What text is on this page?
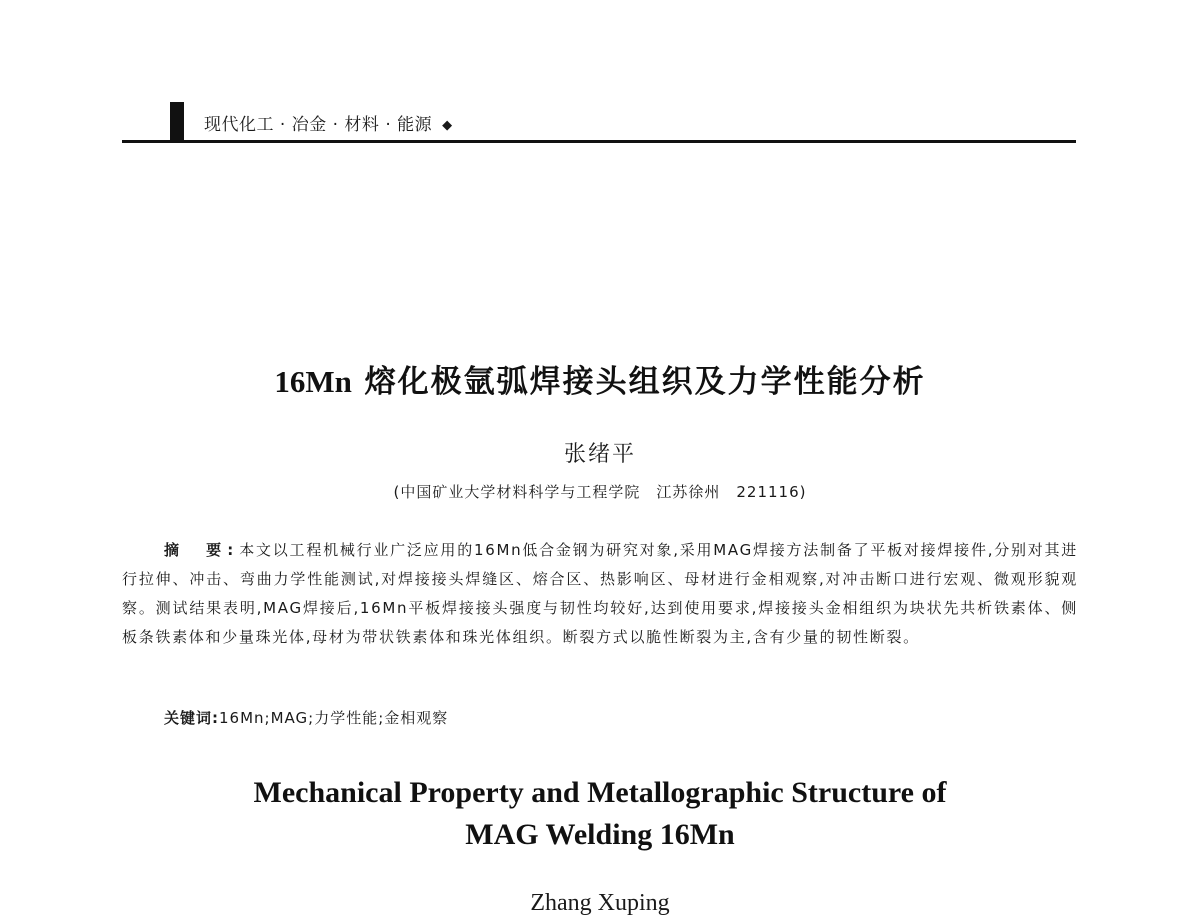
现代化工 · 冶金 · 材料 · 能源 ◆
16Mn 熔化极氩弧焊接头组织及力学性能分析
张绪平
(中国矿业大学材料科学与工程学院　江苏徐州　221116)
摘　要:本文以工程机械行业广泛应用的16Mn低合金钢为研究对象,采用MAG焊接方法制备了平板对接焊接件,分别对其进行拉伸、冲击、弯曲力学性能测试,对焊接接头焊缝区、熔合区、热影响区、母材进行金相观察,对冲击断口进行宏观、微观形貌观察。测试结果表明,MAG焊接后,16Mn平板焊接接头强度与韧性均较好,达到使用要求,焊接接头金相组织为块状先共析铁素体、侧板条铁素体和少量珠光体,母材为带状铁素体和珠光体组织。断裂方式以脆性断裂为主,含有少量的韧性断裂。
关键词:16Mn;MAG;力学性能;金相观察
Mechanical Property and Metallographic Structure of
MAG Welding 16Mn
Zhang Xuping
